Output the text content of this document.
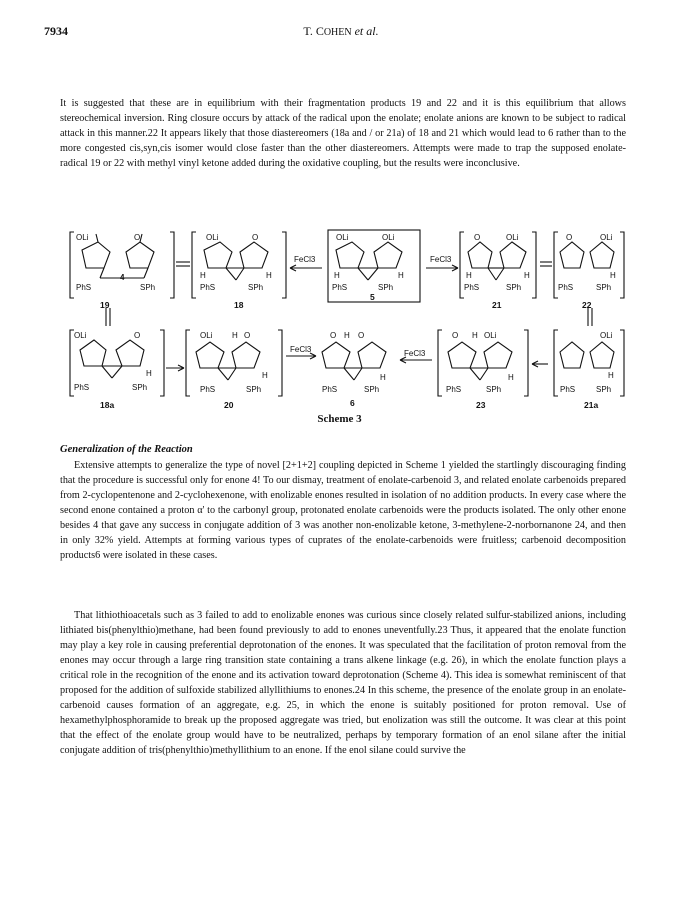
7934	T. COHEN et al.

It is suggested that these are in equilibrium with their fragmentation products 19 and 22 and it is this equilibrium that allows stereochemical inversion. Ring closure occurs by attack of the radical upon the enolate; enolate anions are known to be subject to radical attack in this manner.22 It appears likely that those diastereomers (18a and / or 21a) of 18 and 21 which would lead to 6 rather than to the more congested cis,syn,cis isomer would close faster than the other diastereomers. Attempts were made to trap the supposed enolate-radical 19 or 22 with methyl vinyl ketone added during the oxidative coupling, but the results were inconclusive.

OLi	O
4
PhS	SPh
OLi	O
H	H
PhS	SPh
FeCl3
OLi	OLi
H	H
PhS	SPh
FeCl3
O	OLi
H	H
PhS	SPh
O	OLi
H
PhS	SPh
19	18
5
21	22
OLi	O
H
PhS	SPh
OLi H O
H
PhS	SPh
FeCl3
O H O
H
PhS	SPh
FeCl3
O H OLi
H
PhS	SPh
OLi
H
PhS	SPh
18a	20	6	23	21a
Scheme 3
Generalization of the Reaction

Extensive attempts to generalize the type of novel [2+1+2] coupling depicted in Scheme 1 yielded the startlingly discouraging finding that the procedure is successful only for enone 4! To our dismay, treatment of enolate-carbenoid 3, and related enolate carbenoids prepared from 2-cyclopentenone and 2-cyclohexenone, with enolizable enones resulted in isolation of no addition products. In every case where the second enone contained a proton α' to the carbonyl group, protonated enolate carbenoids were the products isolated. The only other enone besides 4 that gave any success in conjugate addition of 3 was another non-enolizable ketone, 3-methylene-2-norbornanone 24, and then in only 32% yield. Attempts at forming various types of cuprates of the enolate-carbenoids were fruitless; carbenoid decomposition products6 were isolated in these cases.

That lithiothioacetals such as 3 failed to add to enolizable enones was curious since closely related sulfur-stabilized anions, including lithiated bis(phenylthio)methane, had been found previously to add to enones uneventfully.23 Thus, it appeared that the enolate function may play a key role in causing preferential deprotonation of the enones. It was speculated that the facilitation of proton removal from the enones may occur through a large ring transition state containing a trans alkene linkage (e.g. 26), in which the enolate function plays a critical role in the recognition of the enone and its activation toward deprotonation (Scheme 4). This idea is somewhat reminiscent of that proposed for the addition of sulfoxide stabilized allyllithiums to enones.24 In this scheme, the presence of the enolate group in an enolate-carbenoid causes formation of an aggregate, e.g. 25, in which the enone is suitably positioned for proton removal. Use of hexamethylphosphoramide to break up the proposed aggregate was tried, but enolization was still the outcome. It was clear at this point that the effect of the enolate group would have to be neutralized, perhaps by temporary formation of an enol silane after the initial conjugate addition of tris(phenylthio)methyllithium to an enone. If the enol silane could survive the
